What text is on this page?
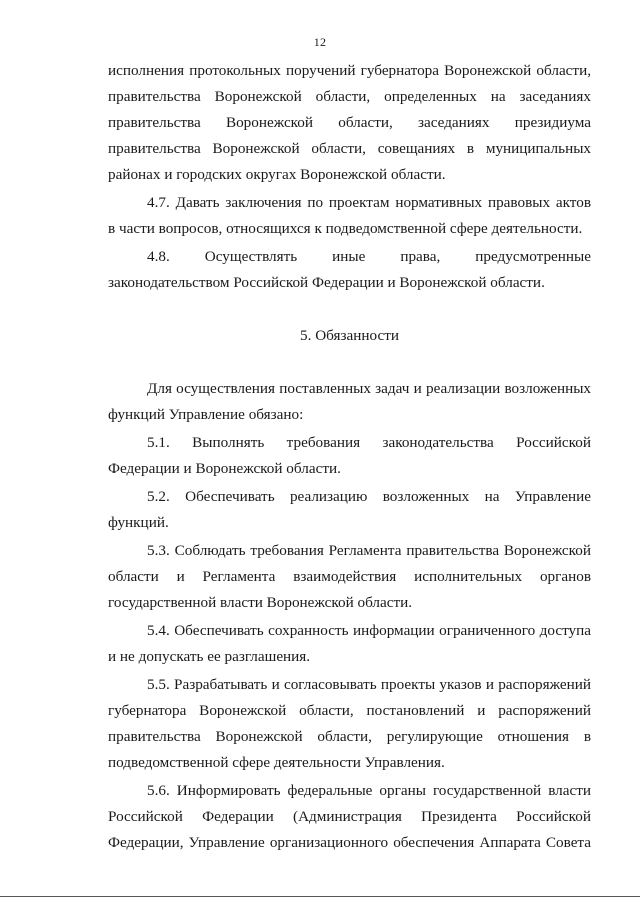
12
исполнения протокольных поручений губернатора Воронежской области,
правительства Воронежской области, определенных на заседаниях
правительства Воронежской области, заседаниях президиума
правительства Воронежской области, совещаниях в муниципальных
районах и городских округах Воронежской области.
4.7. Давать заключения по проектам нормативных правовых актов
в части вопросов, относящихся к подведомственной сфере деятельности.
4.8. Осуществлять иные права, предусмотренные
законодательством Российской Федерации и Воронежской области.
5. Обязанности
Для осуществления поставленных задач и реализации возложенных
функций Управление обязано:
5.1. Выполнять требования законодательства Российской
Федерации и Воронежской области.
5.2. Обеспечивать реализацию возложенных на Управление
функций.
5.3. Соблюдать требования Регламента правительства Воронежской
области и Регламента взаимодействия исполнительных органов
государственной власти Воронежской области.
5.4. Обеспечивать сохранность информации ограниченного доступа
и не допускать ее разглашения.
5.5. Разрабатывать и согласовывать проекты указов и распоряжений
губернатора Воронежской области, постановлений и распоряжений
правительства Воронежской области, регулирующие отношения в
подведомственной сфере деятельности Управления.
5.6. Информировать федеральные органы государственной власти
Российской Федерации (Администрация Президента Российской
Федерации, Управление организационного обеспечения Аппарата Совета
